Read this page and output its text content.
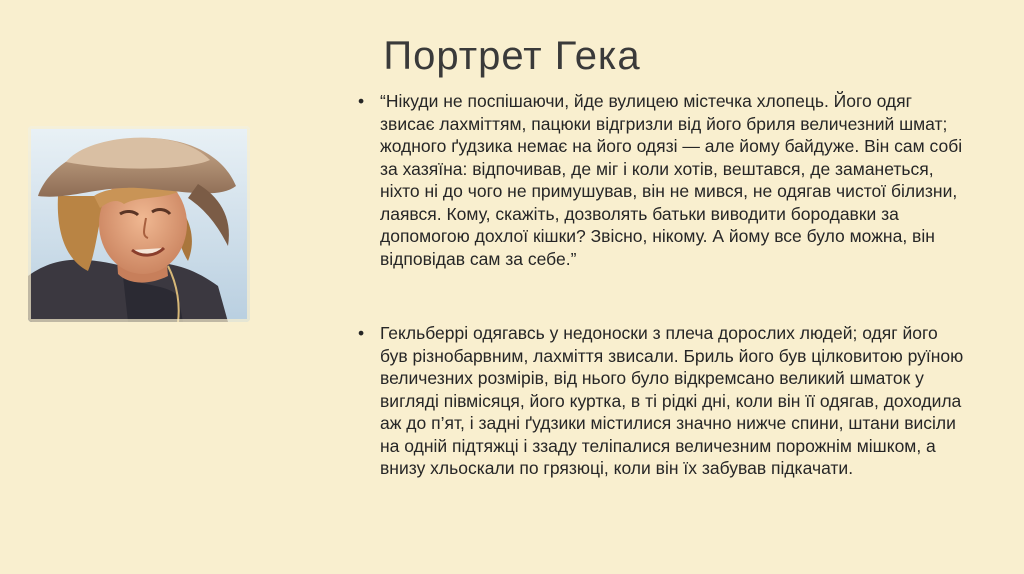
Портрет Гека
• “Нікуди не поспішаючи, йде вулицею містечка хлопець. Його одяг звисає лахміттям, пацюки відгризли від його бриля величезний шмат; жодного ґудзика немає на його одязі — але йому байдуже. Він сам собі за хазяїна: відпочивав, де міг і коли хотів, вештався, де заманеться, ніхто ні до чого не примушував, він не мився, не одягав чистої білизни, лаявся. Кому, скажіть, дозволять батьки виводити бородавки за допомогою дохлої кішки? Звісно, нікому. А йому все було можна, він відповідав сам за себе.”
• Гекльберрі одягавсь у недоноски з плеча дорослих людей; одяг його був різнобарвним, лахміття звисали. Бриль його був цілковитою руїною величезних розмірів, від нього було відкремсано великий шматок у вигляді півмісяця, його куртка, в ті рідкі дні, коли він її одягав, доходила аж до п’ят, і задні ґудзики містилися значно нижче спини, штани висіли на одній підтяжці і ззаду теліпалися величезним порожнім мішком, а внизу хльоскали по грязюці, коли він їх забував підкачати.
